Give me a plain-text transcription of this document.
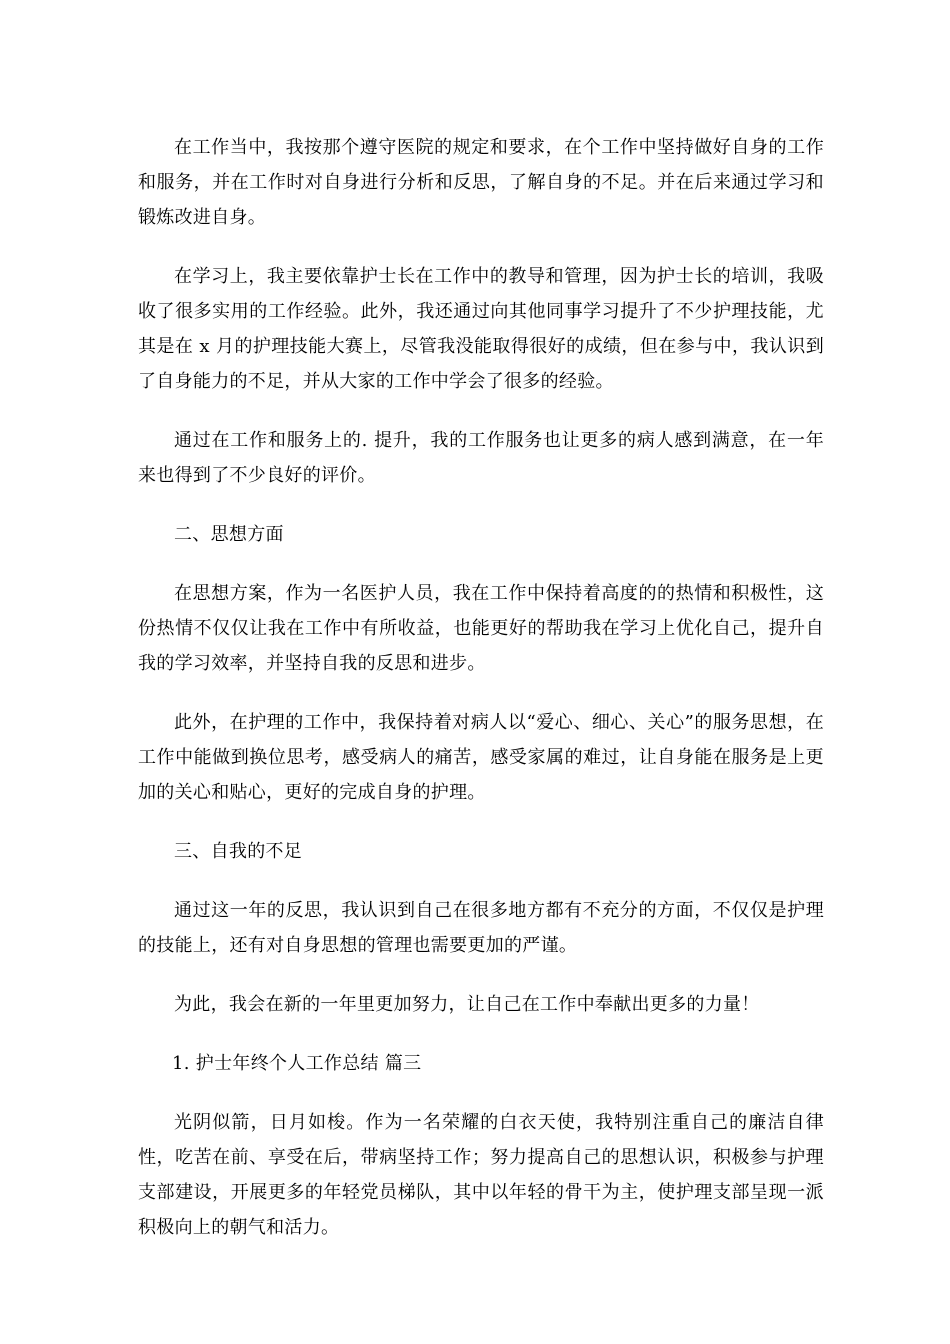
在工作当中，我按那个遵守医院的规定和要求，在个工作中坚持做好自身的工作和服务，并在工作时对自身进行分析和反思，了解自身的不足。并在后来通过学习和锻炼改进自身。

在学习上，我主要依靠护士长在工作中的教导和管理，因为护士长的培训，我吸收了很多实用的工作经验。此外，我还通过向其他同事学习提升了不少护理技能，尤其是在 x 月的护理技能大赛上，尽管我没能取得很好的成绩，但在参与中，我认识到了自身能力的不足，并从大家的工作中学会了很多的经验。

通过在工作和服务上的. 提升，我的工作服务也让更多的病人感到满意，在一年来也得到了不少良好的评价。

二、思想方面

在思想方案，作为一名医护人员，我在工作中保持着高度的的热情和积极性，这份热情不仅仅让我在工作中有所收益，也能更好的帮助我在学习上优化自己，提升自我的学习效率，并坚持自我的反思和进步。

此外，在护理的工作中，我保持着对病人以“爱心、细心、关心”的服务思想，在工作中能做到换位思考，感受病人的痛苦，感受家属的难过，让自身能在服务是上更加的关心和贴心，更好的完成自身的护理。

三、自我的不足

通过这一年的反思，我认识到自己在很多地方都有不充分的方面，不仅仅是护理的技能上，还有对自身思想的管理也需要更加的严谨。

为此，我会在新的一年里更加努力，让自己在工作中奉献出更多的力量！

1. 护士年终个人工作总结 篇三

光阴似箭，日月如梭。作为一名荣耀的白衣天使，我特别注重自己的廉洁自律性，吃苦在前、享受在后，带病坚持工作；努力提高自己的思想认识，积极参与护理支部建设，开展更多的年轻党员梯队，其中以年轻的骨干为主，使护理支部呈现一派积极向上的朝气和活力。
